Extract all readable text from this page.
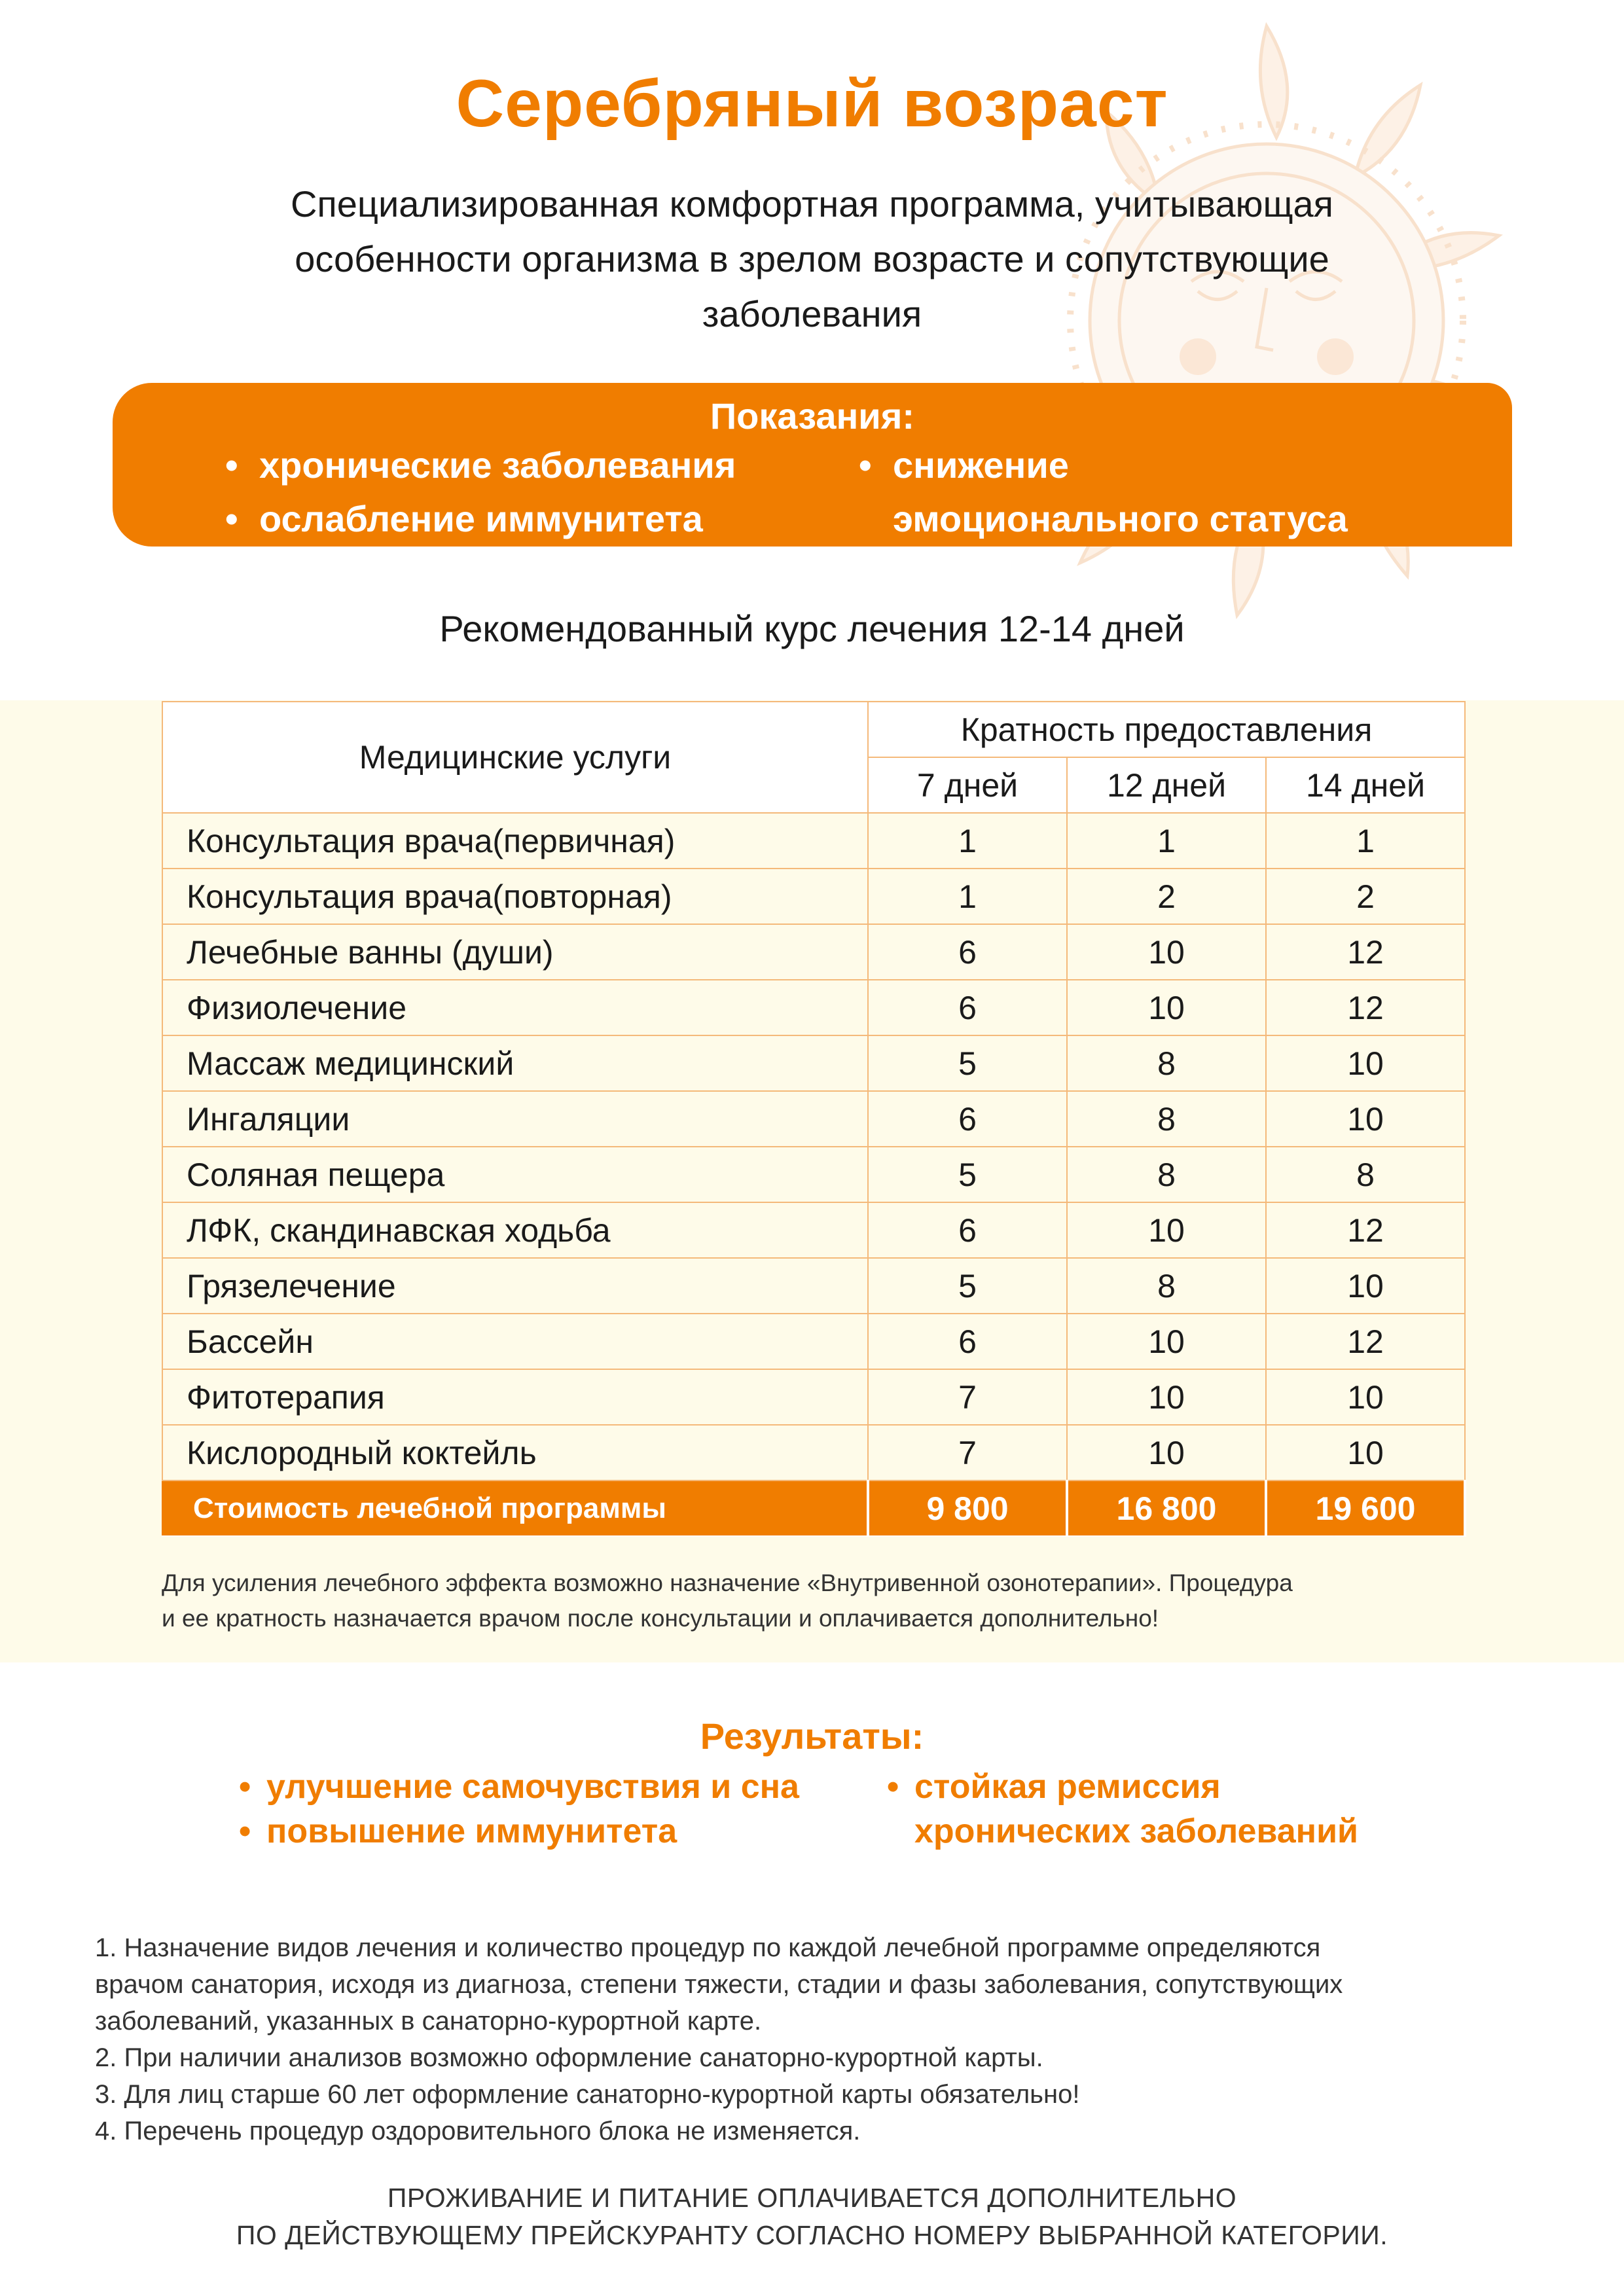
Серебряный возраст
Специализированная комфортная программа, учитывающая
особенности организма в зрелом возрасте и сопутствующие
заболевания
Показания:
• хронические заболевания
• ослабление иммунитета
• снижение
эмоционального статуса
Рекомендованный курс лечения 12-14 дней
Медицинские услуги	Кратность предоставления		
	7 дней	12 дней	14 дней
Консультация врача(первичная)	1	1	1
Консультация врача(повторная)	1	2	2
Лечебные ванны (души)	6	10	12
Физиолечение	6	10	12
Массаж медицинский	5	8	10
Ингаляции	6	8	10
Соляная пещера	5	8	8
ЛФК, скандинавская ходьба	6	10	12
Грязелечение	5	8	10
Бассейн	6	10	12
Фитотерапия	7	10	10
Кислородный коктейль	7	10	10
Стоимость лечебной программы	9 800	16 800	19 600
Для усиления лечебного эффекта возможно назначение «Внутривенной озонотерапии». Процедура
и ее кратность назначается врачом после консультации и оплачивается дополнительно!
Результаты:
• улучшение самочувствия и сна
• повышение иммунитета
• стойкая ремиссия
хронических заболеваний
1. Назначение видов лечения и количество процедур по каждой лечебной программе определяются
врачом санатория, исходя из диагноза, степени тяжести, стадии и фазы заболевания, сопутствующих
заболеваний, указанных в санаторно-курортной карте.
2. При наличии анализов возможно оформление санаторно-курортной карты.
3. Для лиц старше 60 лет оформление санаторно-курортной карты обязательно!
4. Перечень процедур оздоровительного блока не изменяется.
ПРОЖИВАНИЕ И ПИТАНИЕ ОПЛАЧИВАЕТСЯ ДОПОЛНИТЕЛЬНО
ПО ДЕЙСТВУЮЩЕМУ ПРЕЙСКУРАНТУ СОГЛАСНО НОМЕРУ ВЫБРАННОЙ КАТЕГОРИИ.
